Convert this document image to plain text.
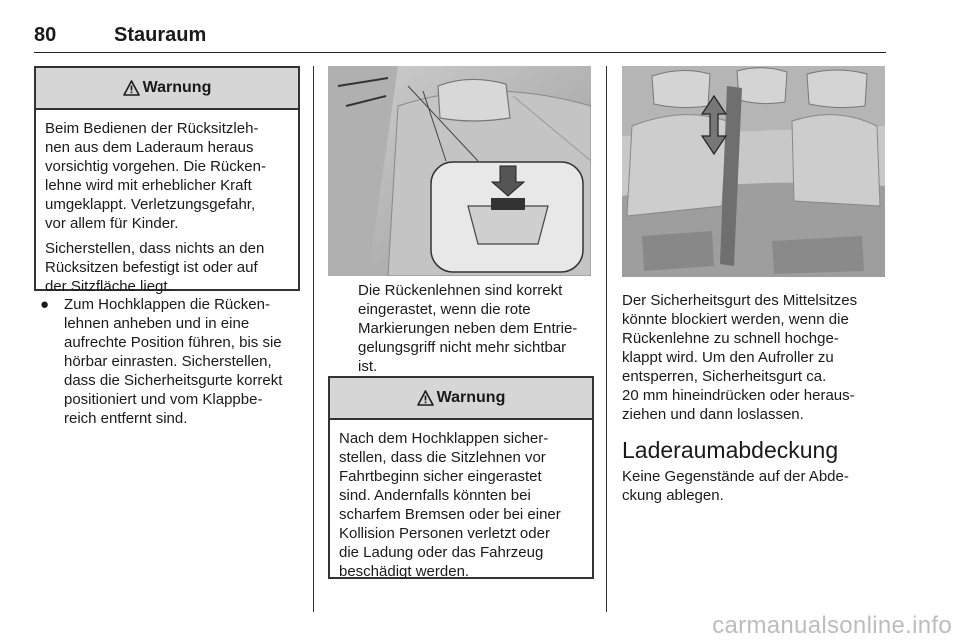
80	Stauraum
Warnung

Beim Bedienen der Rücksitzleh-
nen aus dem Laderaum heraus
vorsichtig vorgehen. Die Rücken-
lehne wird mit erheblicher Kraft
umgeklappt. Verletzungsgefahr,
vor allem für Kinder.

Sicherstellen, dass nichts an den
Rücksitzen befestigt ist oder auf
der Sitzfläche liegt.

● Zum Hochklappen die Rücken-
lehnen anheben und in eine
aufrechte Position führen, bis sie
hörbar einrasten. Sicherstellen,
dass die Sicherheitsgurte korrekt
positioniert und vom Klappbe-
reich entfernt sind.
Die Rückenlehnen sind korrekt
eingerastet, wenn die rote
Markierungen neben dem Entrie-
gelungsgriff nicht mehr sichtbar
ist.
Warnung

Nach dem Hochklappen sicher-
stellen, dass die Sitzlehnen vor
Fahrtbeginn sicher eingerastet
sind. Andernfalls könnten bei
scharfem Bremsen oder bei einer
Kollision Personen verletzt oder
die Ladung oder das Fahrzeug
beschädigt werden.

Der Sicherheitsgurt des Mittelsitzes
könnte blockiert werden, wenn die
Rückenlehne zu schnell hochge-
klappt wird. Um den Aufroller zu
entsperren, Sicherheitsgurt ca.
20 mm hineindrücken oder heraus-
ziehen und dann loslassen.
Laderaumabdeckung
Keine Gegenstände auf der Abde-
ckung ablegen.
carmanualsonline.info
